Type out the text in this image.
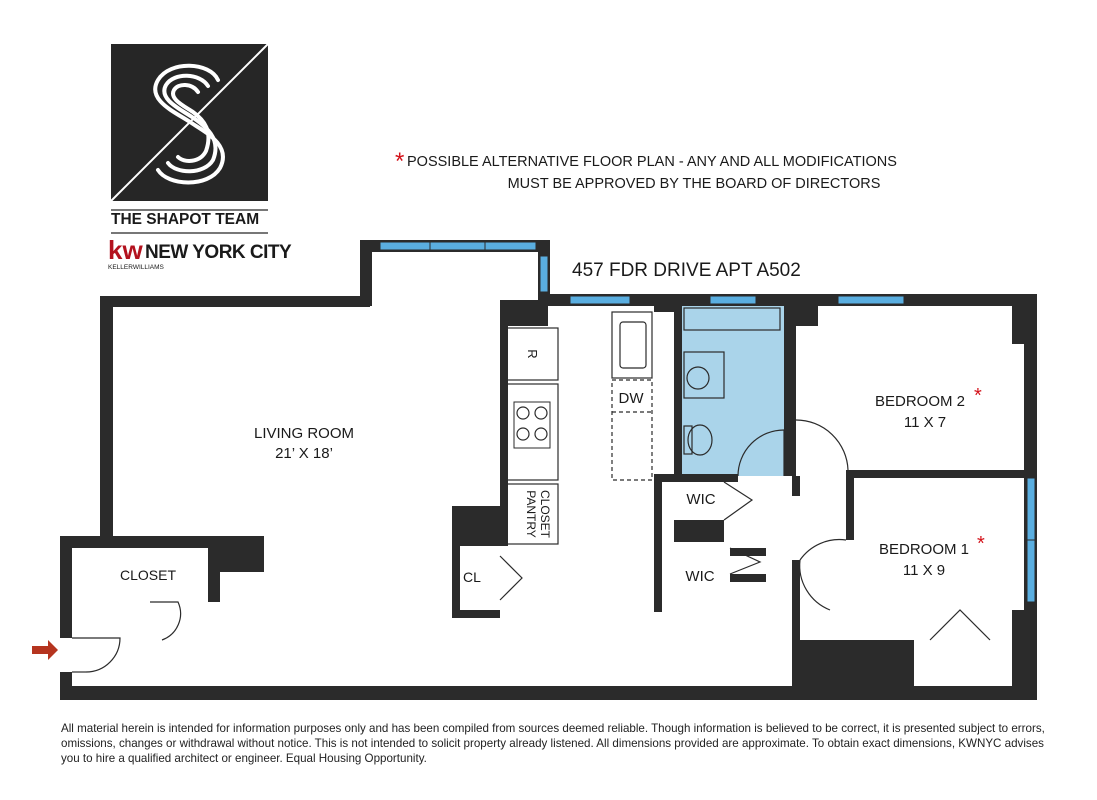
THE SHAPOT TEAM
kw NEW YORK CITY
KELLERWILLIAMS
* POSSIBLE ALTERNATIVE FLOOR PLAN - ANY AND ALL MODIFICATIONS
MUST BE APPROVED BY THE BOARD OF DIRECTORS
457 FDR DRIVE APT A502
R
DW
LIVING ROOM
21’ X 18’
CLOSET	CL
PANTRY CLOSET	WIC
WIC
BEDROOM 2 *
11 X 7
BEDROOM 1 *
11 X 9
All material herein is intended for information purposes only and has been compiled from sources deemed reliable. Though information is believed to be correct, it is presented subject to errors, omissions, changes or withdrawal without notice. This is not intended to solicit property already listened. All dimensions provided are approximate. To obtain exact dimensions, KWNYC advises you to hire a qualified architect or engineer. Equal Housing Opportunity.
